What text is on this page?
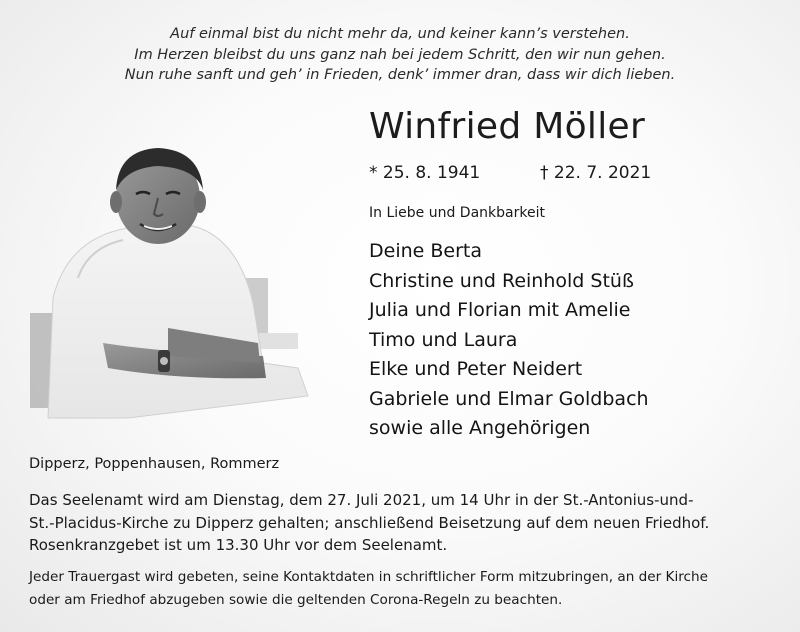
Auf einmal bist du nicht mehr da, und keiner kann’s verstehen.
Im Herzen bleibst du uns ganz nah bei jedem Schritt, den wir nun gehen.
Nun ruhe sanft und geh’ in Frieden, denk’ immer dran, dass wir dich lieben.
Winfried Möller
* 25. 8. 1941	† 22. 7. 2021
In Liebe und Dankbarkeit
Deine Berta
Christine und Reinhold Stüß
Julia und Florian mit Amelie
Timo und Laura
Elke und Peter Neidert
Gabriele und Elmar Goldbach
sowie alle Angehörigen
Dipperz, Poppenhausen, Rommerz
Das Seelenamt wird am Dienstag, dem 27. Juli 2021, um 14 Uhr in der St.-Antonius-und-
St.-Placidus-Kirche zu Dipperz gehalten; anschließend Beisetzung auf dem neuen Friedhof.
Rosenkranzgebet ist um 13.30 Uhr vor dem Seelenamt.
Jeder Trauergast wird gebeten, seine Kontaktdaten in schriftlicher Form mitzubringen, an der Kirche
oder am Friedhof abzugeben sowie die geltenden Corona-Regeln zu beachten.
